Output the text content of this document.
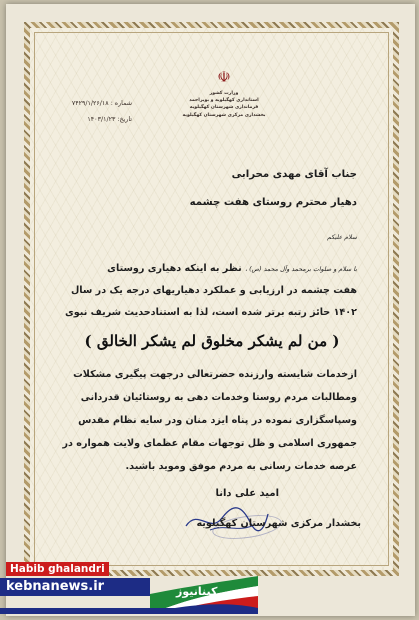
☫
وزارت کشور
استانداری کهگیلویه و بویراحمد
فرمانداری شهرستان کهگیلویه
بخشداری مرکزی شهرستان کهگیلویه
شماره : ۷۴۲۹/۱/۲۶/۱۸
تاریخ: ۱۴۰۳/۱/۲۳
جناب آقای مهدی محرابی
دهیار محترم روستای هفت چشمه
سلام علیکم
با سلام و صلوات برمحمد وآل محمد (ص) ، نظر به اینکه دهیاری روستای
هفت چشمه در ارزیابی و عملکرد دهیاریهای درجه یک در سال
۱۴۰۲ حائز رتبه برتر شده است، لذا به استنادحدیث شریف نبوی
( من لم یشکر مخلوق لم یشکر الخالق )
ازخدمات شایسته وارزنده حضرتعالی درجهت پیگیری مشکلات
ومطالبات مردم روستا وخدمات دهی به روستائیان قدردانی
وسپاسگزاری نموده در پناه ایزد منان ودر سایه نظام مقدس
جمهوری اسلامی و ظل توجهات مقام عظمای ولایت همواره در
عرصه خدمات رسانی به مردم موفق وموید باشید.
امید علی دانا
بخشدار مرکزی شهرستان کهگیلویه
Habib ghalandri
kebnanews.ir	کبنانیوز
